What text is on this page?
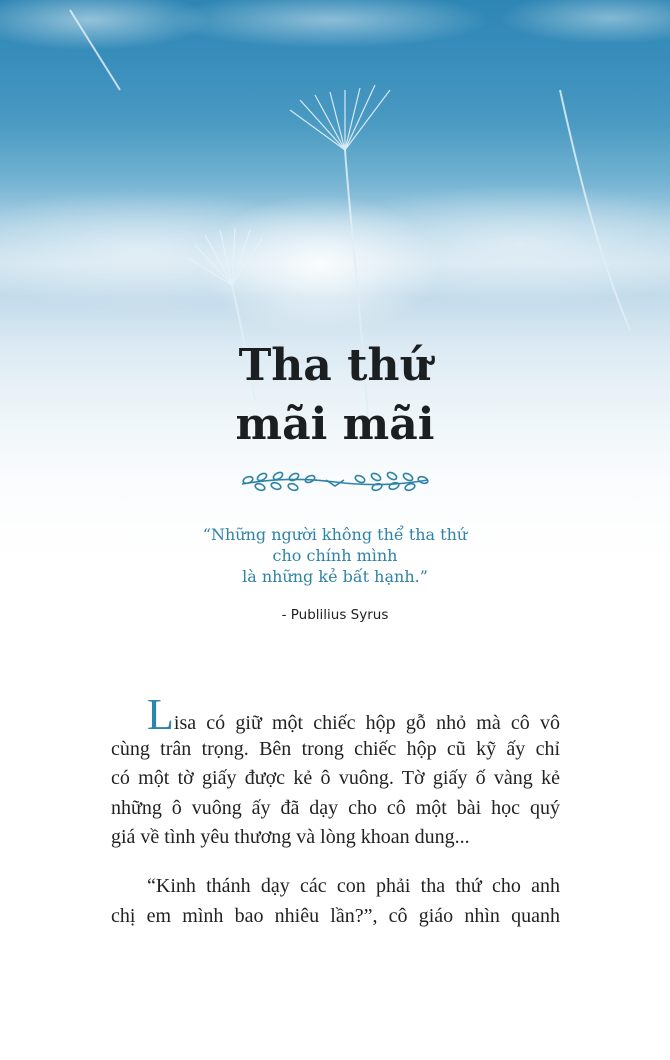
Tha thứ
mãi mãi
“Những người không thể tha thứ
cho chính mình
là những kẻ bất hạnh.”
- Publilius Syrus
Lisa có giữ một chiếc hộp gỗ nhỏ mà cô vô
cùng trân trọng. Bên trong chiếc hộp cũ kỹ ấy chỉ
có một tờ giấy được kẻ ô vuông. Tờ giấy ố vàng kẻ
những ô vuông ấy đã dạy cho cô một bài học quý
giá về tình yêu thương và lòng khoan dung...
“Kinh thánh dạy các con phải tha thứ cho anh
chị em mình bao nhiêu lần?”, cô giáo nhìn quanh
